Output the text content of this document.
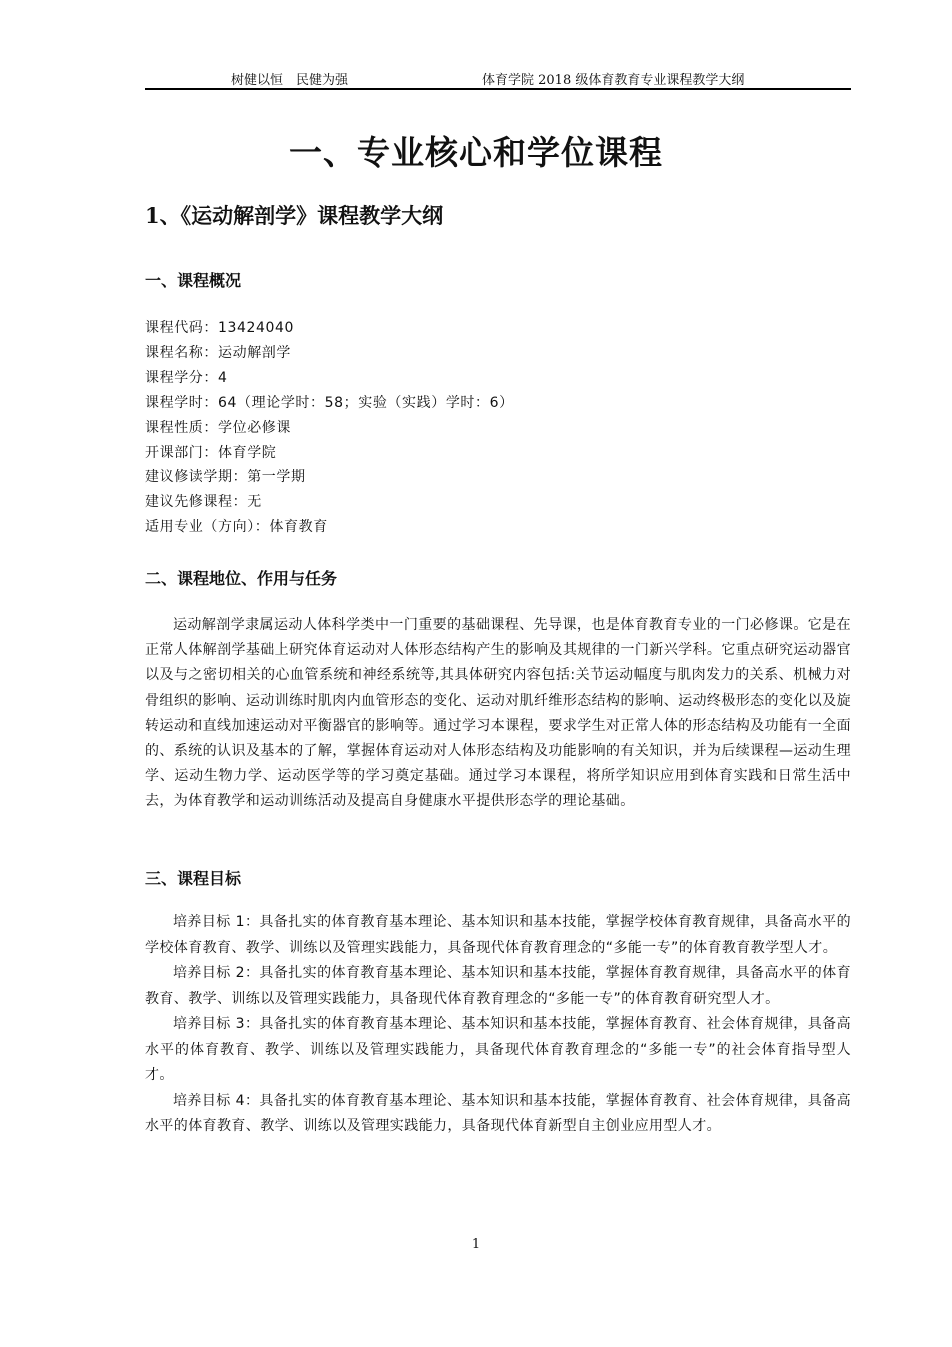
树健以恒　民健为强	体育学院 2018 级体育教育专业课程教学大纲
一、专业核心和学位课程
1、《运动解剖学》课程教学大纲
一、课程概况
课程代码：13424040
课程名称：运动解剖学
课程学分：4
课程学时：64（理论学时：58；实验（实践）学时：6）
课程性质：学位必修课
开课部门：体育学院
建议修读学期：第一学期
建议先修课程：无
适用专业（方向）：体育教育
二、课程地位、作用与任务

运动解剖学隶属运动人体科学类中一门重要的基础课程、先导课，也是体育教育专业的一门必修课。它是在正常人体解剖学基础上研究体育运动对人体形态结构产生的影响及其规律的一门新兴学科。它重点研究运动器官以及与之密切相关的心血管系统和神经系统等,其具体研究内容包括:关节运动幅度与肌肉发力的关系、机械力对骨组织的影响、运动训练时肌肉内血管形态的变化、运动对肌纤维形态结构的影响、运动终极形态的变化以及旋转运动和直线加速运动对平衡器官的影响等。通过学习本课程，要求学生对正常人体的形态结构及功能有一全面的、系统的认识及基本的了解，掌握体育运动对人体形态结构及功能影响的有关知识，并为后续课程—运动生理学、运动生物力学、运动医学等的学习奠定基础。通过学习本课程，将所学知识应用到体育实践和日常生活中去，为体育教学和运动训练活动及提高自身健康水平提供形态学的理论基础。

三、课程目标

培养目标 1：具备扎实的体育教育基本理论、基本知识和基本技能，掌握学校体育教育规律，具备高水平的学校体育教育、教学、训练以及管理实践能力，具备现代体育教育理念的“多能一专”的体育教育教学型人才。

培养目标 2：具备扎实的体育教育基本理论、基本知识和基本技能，掌握体育教育规律，具备高水平的体育教育、教学、训练以及管理实践能力，具备现代体育教育理念的“多能一专”的体育教育研究型人才。

培养目标 3：具备扎实的体育教育基本理论、基本知识和基本技能，掌握体育教育、社会体育规律，具备高水平的体育教育、教学、训练以及管理实践能力，具备现代体育教育理念的“多能一专”的社会体育指导型人才。

培养目标 4：具备扎实的体育教育基本理论、基本知识和基本技能，掌握体育教育、社会体育规律，具备高水平的体育教育、教学、训练以及管理实践能力，具备现代体育新型自主创业应用型人才。

1
